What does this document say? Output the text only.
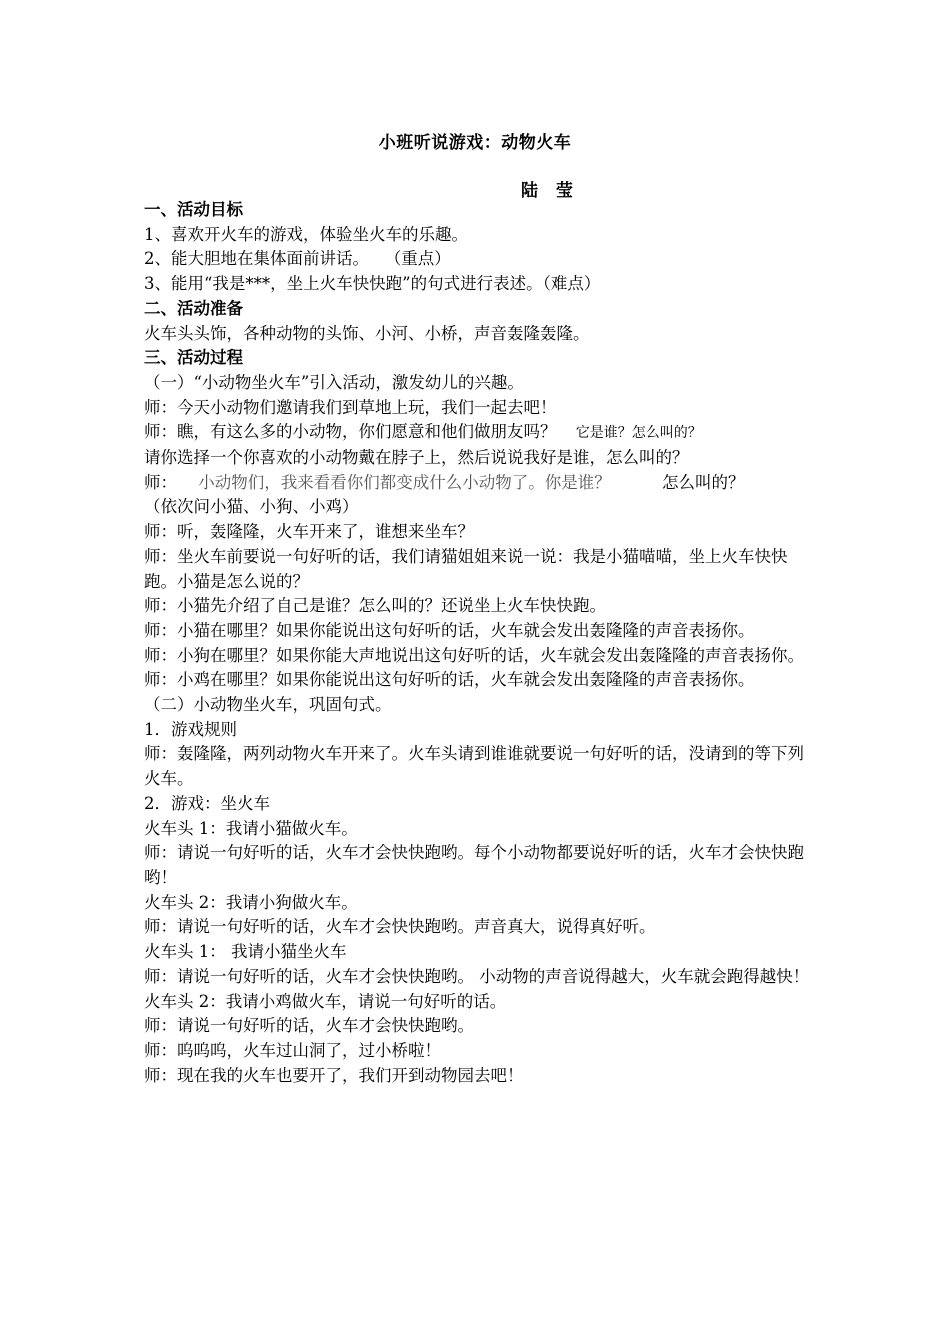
小班听说游戏：动物火车
陆 莹

一、活动目标

1、喜欢开火车的游戏，体验坐火车的乐趣。

2、能大胆地在集体面前讲话。   （重点）

3、能用“我是***，坐上火车快快跑”的句式进行表述。（难点）

二、活动准备

火车头头饰，各种动物的头饰、小河、小桥，声音轰隆轰隆。

三、活动过程

（一）“小动物坐火车”引入活动，激发幼儿的兴趣。

师：今天小动物们邀请我们到草地上玩，我们一起去吧！

师：瞧，有这么多的小动物，你们愿意和他们做朋友吗？ 它是谁？怎么叫的？

请你选择一个你喜欢的小动物戴在脖子上，然后说说我好是谁，怎么叫的？

师： 小动物们，我来看看你们都变成什么小动物了。你是谁？	怎么叫的？

（依次问小猫、小狗、小鸡）

师：听，轰隆隆，火车开来了，谁想来坐车？

师：坐火车前要说一句好听的话，我们请猫姐姐来说一说：我是小猫喵喵，坐上火车快快跑。小猫是怎么说的？

师：小猫先介绍了自己是谁？怎么叫的？还说坐上火车快快跑。

师：小猫在哪里？如果你能说出这句好听的话，火车就会发出轰隆隆的声音表扬你。

师：小狗在哪里？如果你能大声地说出这句好听的话，火车就会发出轰隆隆的声音表扬你。

师：小鸡在哪里？如果你能说出这句好听的话，火车就会发出轰隆隆的声音表扬你。

（二）小动物坐火车，巩固句式。

1．游戏规则

师：轰隆隆，两列动物火车开来了。火车头请到谁谁就要说一句好听的话，没请到的等下列火车。

2．游戏：坐火车

火车头 1：我请小猫做火车。

师：请说一句好听的话，火车才会快快跑哟。每个小动物都要说好听的话，火车才会快快跑哟！

火车头 2：我请小狗做火车。

师：请说一句好听的话，火车才会快快跑哟。声音真大，说得真好听。

火车头 1： 我请小猫坐火车

师：请说一句好听的话，火车才会快快跑哟。 小动物的声音说得越大，火车就会跑得越快！

火车头 2：我请小鸡做火车，请说一句好听的话。

师：请说一句好听的话，火车才会快快跑哟。

师：呜呜呜，火车过山洞了，过小桥啦！

师：现在我的火车也要开了，我们开到动物园去吧！
